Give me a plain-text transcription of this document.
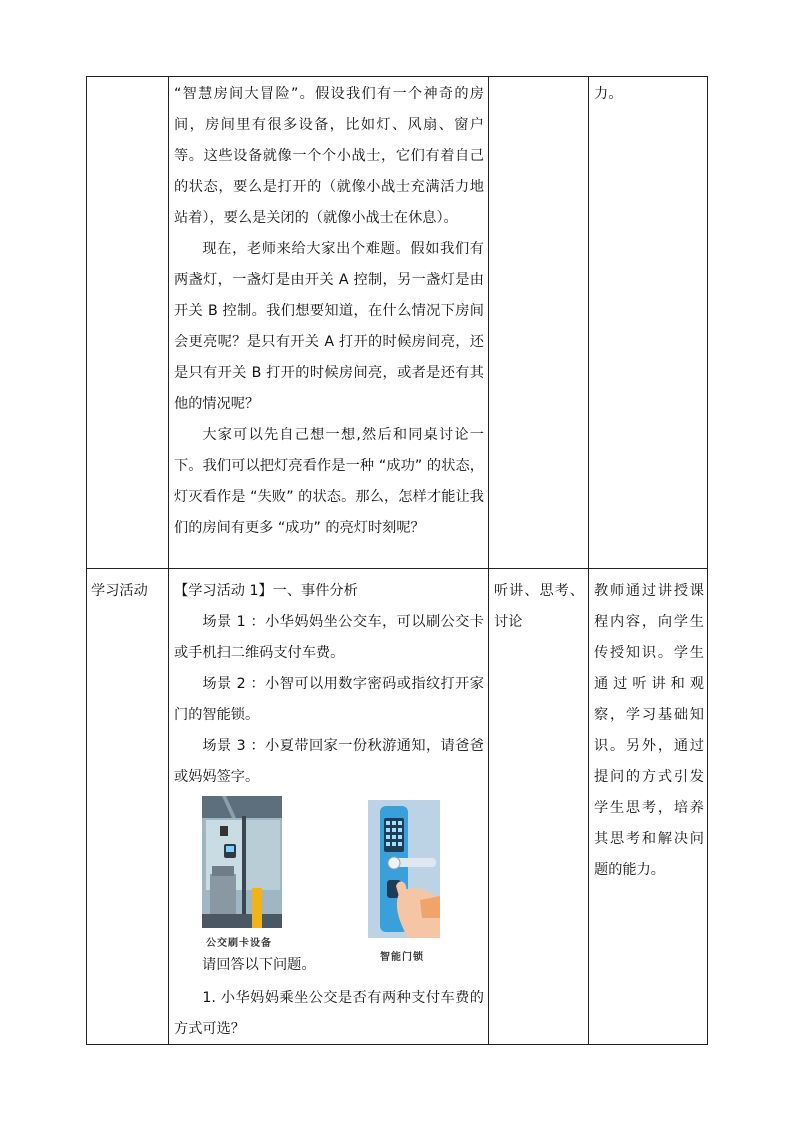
“智慧房间大冒险”。假设我们有一个神奇的房间，房间里有很多设备，比如灯、风扇、窗户等。这些设备就像一个个小战士，它们有着自己的状态，要么是打开的（就像小战士充满活力地站着），要么是关闭的（就像小战士在休息）。

现在，老师来给大家出个难题。假如我们有两盏灯，一盏灯是由开关 A 控制，另一盏灯是由开关 B 控制。我们想要知道，在什么情况下房间会更亮呢？是只有开关 A 打开的时候房间亮，还是只有开关 B 打开的时候房间亮，或者是还有其他的情况呢？

大家可以先自己想一想,然后和同桌讨论一下。我们可以把灯亮看作是一种 “成功” 的状态，灯灭看作是 “失败” 的状态。那么，怎样才能让我们的房间有更多 “成功” 的亮灯时刻呢？

力。

学习活动	【学习活动 1】一、事件分析

场景 1 ：小华妈妈坐公交车，可以刷公交卡或手机扫二维码支付车费。

场景 2 ：小智可以用数字密码或指纹打开家门的智能锁。

场景 3 ：小夏带回家一份秋游通知，请爸爸或妈妈签字。

公交刷卡设备
智能门锁

请回答以下问题。

1. 小华妈妈乘坐公交是否有两种支付车费的方式可选？

听讲、思考、讨论

教师通过讲授课程内容，向学生传授知识。学生通过听讲和观察，学习基础知识。另外，通过提问的方式引发学生思考，培养其思考和解决问题的能力。
